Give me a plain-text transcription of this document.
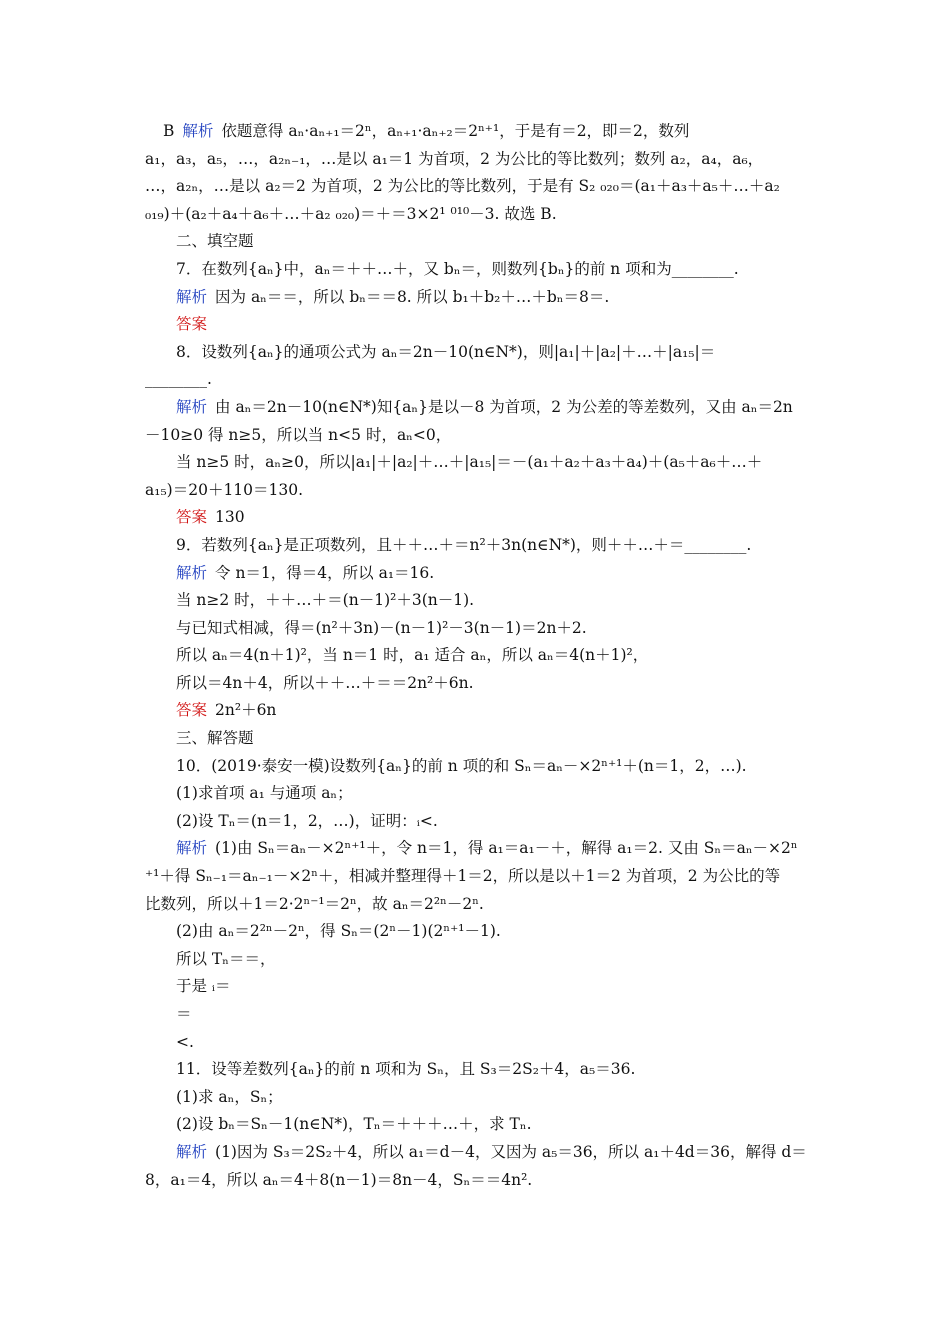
B 解析 依题意得 aₙ·aₙ₊₁＝2ⁿ，aₙ₊₁·aₙ₊₂＝2ⁿ⁺¹，于是有＝2，即＝2，数列
a₁，a₃，a₅，…，a₂ₙ₋₁，…是以 a₁＝1 为首项，2 为公比的等比数列；数列 a₂，a₄，a₆，
…，a₂ₙ，…是以 a₂＝2 为首项，2 为公比的等比数列，于是有 S₂ ₀₂₀＝(a₁＋a₃＋a₅＋…＋a₂
₀₁₉)＋(a₂＋a₄＋a₆＋…＋a₂ ₀₂₀)＝＋＝3×2¹ ⁰¹⁰－3. 故选 B.
二、填空题
7．在数列{aₙ}中，aₙ＝＋＋…＋，又 bₙ＝，则数列{bₙ}的前 n 项和为________.
解析 因为 aₙ＝＝，所以 bₙ＝＝8. 所以 b₁＋b₂＋…＋bₙ＝8＝.
答案
8．设数列{aₙ}的通项公式为 aₙ＝2n－10(n∈N*)，则|a₁|＋|a₂|＋…＋|a₁₅|＝
________.
解析 由 aₙ＝2n－10(n∈N*)知{aₙ}是以－8 为首项，2 为公差的等差数列，又由 aₙ＝2n
－10≥0 得 n≥5，所以当 n<5 时，aₙ<0，
当 n≥5 时，aₙ≥0，所以|a₁|＋|a₂|＋…＋|a₁₅|＝－(a₁＋a₂＋a₃＋a₄)＋(a₅＋a₆＋…＋
a₁₅)＝20＋110＝130.
答案 130
9．若数列{aₙ}是正项数列，且＋＋…＋＝n²＋3n(n∈N*)，则＋＋…＋＝________.
解析 令 n＝1，得＝4，所以 a₁＝16.
当 n≥2 时，＋＋…＋＝(n－1)²＋3(n－1).
与已知式相减，得＝(n²＋3n)－(n－1)²－3(n－1)＝2n＋2.
所以 aₙ＝4(n＋1)²，当 n＝1 时，a₁ 适合 aₙ，所以 aₙ＝4(n＋1)²，
所以＝4n＋4，所以＋＋…＋＝＝2n²＋6n.
答案 2n²＋6n
三、解答题
10．(2019·泰安一模)设数列{aₙ}的前 n 项的和 Sₙ＝aₙ－×2ⁿ⁺¹＋(n＝1，2，…).
(1)求首项 a₁ 与通项 aₙ；
(2)设 Tₙ＝(n＝1，2，…)，证明：ᵢ<.
解析 (1)由 Sₙ＝aₙ－×2ⁿ⁺¹＋，令 n＝1，得 a₁＝a₁－＋，解得 a₁＝2. 又由 Sₙ＝aₙ－×2ⁿ
⁺¹＋得 Sₙ₋₁＝aₙ₋₁－×2ⁿ＋，相减并整理得＋1＝2，所以是以＋1＝2 为首项，2 为公比的等
比数列，所以＋1＝2·2ⁿ⁻¹＝2ⁿ，故 aₙ＝2²ⁿ－2ⁿ.
(2)由 aₙ＝2²ⁿ－2ⁿ，得 Sₙ＝(2ⁿ－1)(2ⁿ⁺¹－1).
所以 Tₙ＝＝，
于是 ᵢ＝
＝
<.
11．设等差数列{aₙ}的前 n 项和为 Sₙ，且 S₃＝2S₂＋4，a₅＝36.
(1)求 aₙ，Sₙ；
(2)设 bₙ＝Sₙ－1(n∈N*)，Tₙ＝＋＋＋…＋，求 Tₙ.
解析 (1)因为 S₃＝2S₂＋4，所以 a₁＝d－4，又因为 a₅＝36，所以 a₁＋4d＝36，解得 d＝
8，a₁＝4，所以 aₙ＝4＋8(n－1)＝8n－4，Sₙ＝＝4n².
